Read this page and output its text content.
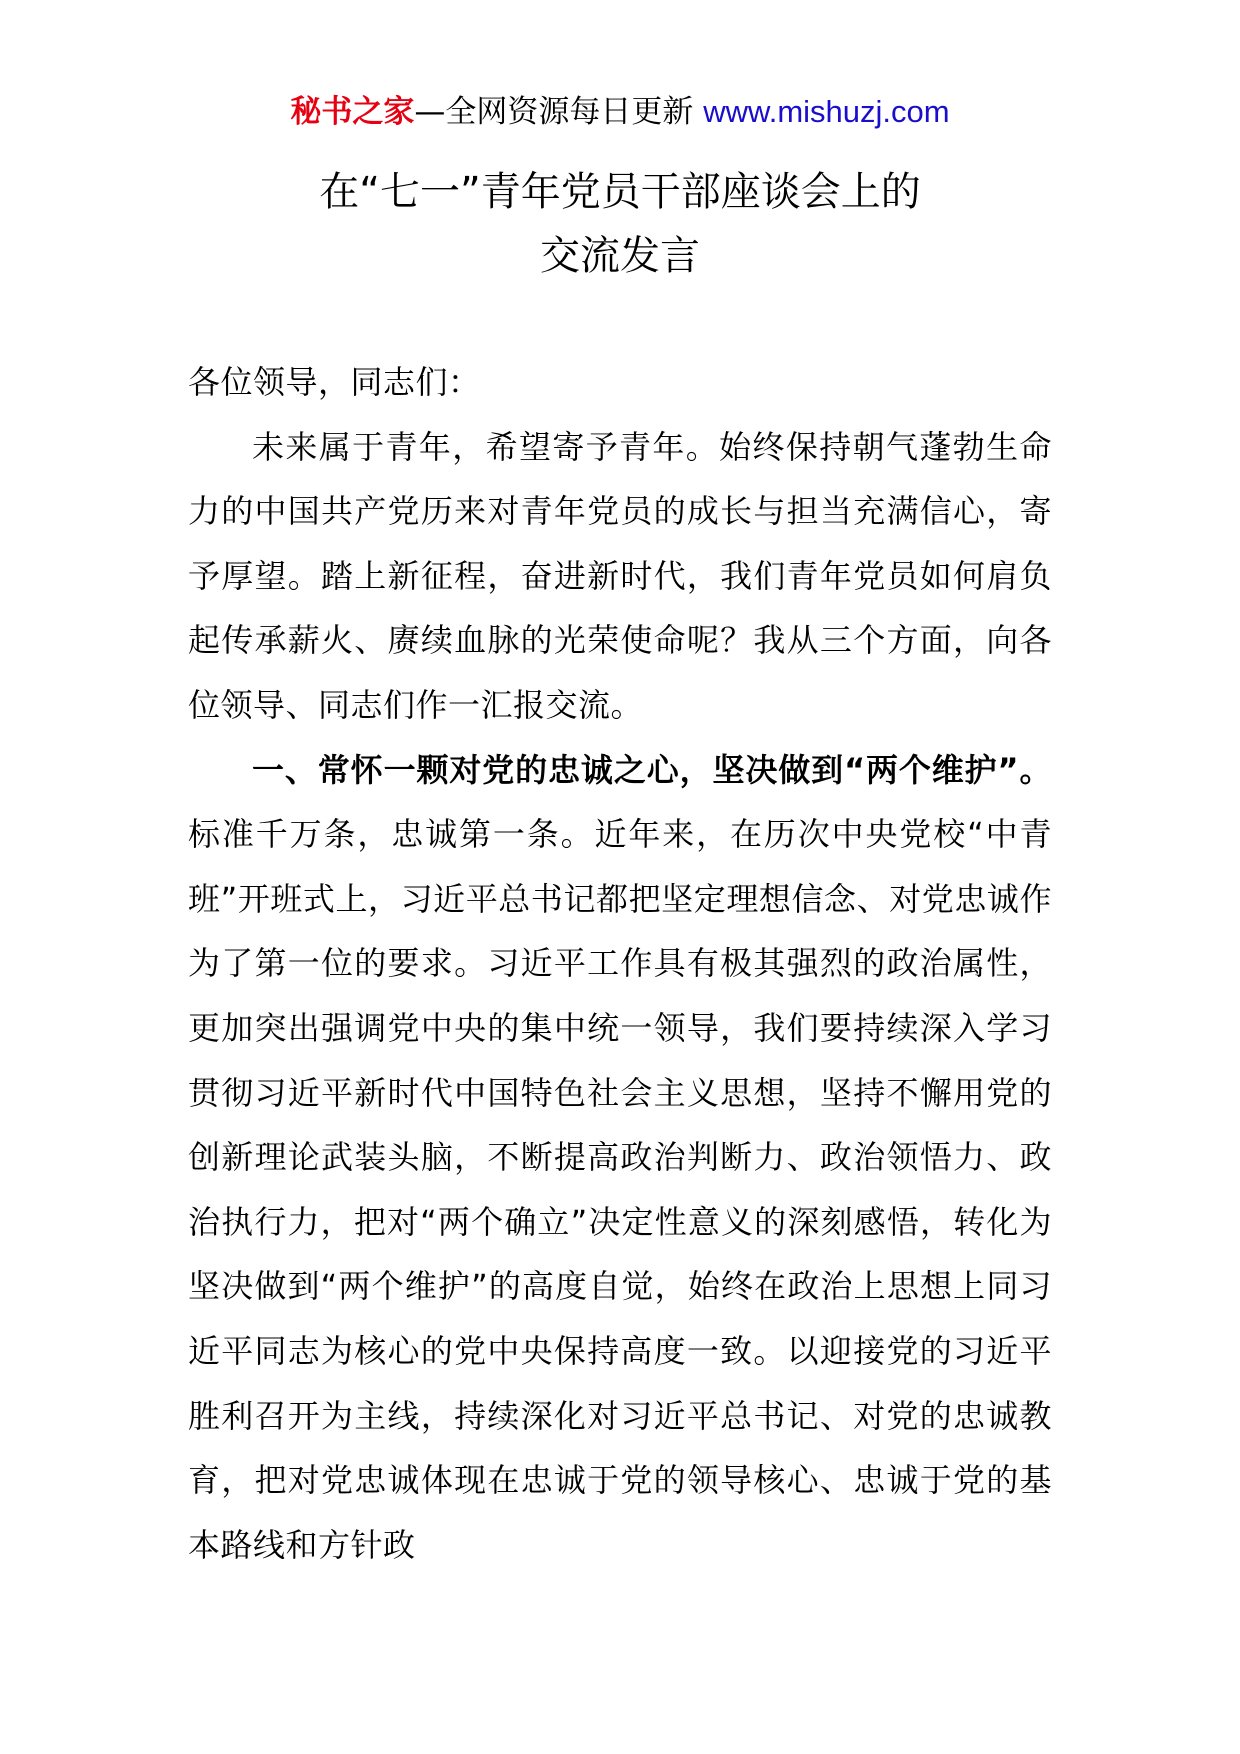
秘书之家—全网资源每日更新 www.mishuzj.com
在“七一”青年党员干部座谈会上的
交流发言

各位领导，同志们：

未来属于青年，希望寄予青年。始终保持朝气蓬勃生命力的中国共产党历来对青年党员的成长与担当充满信心，寄予厚望。踏上新征程，奋进新时代，我们青年党员如何肩负起传承薪火、赓续血脉的光荣使命呢？我从三个方面，向各位领导、同志们作一汇报交流。

一、常怀一颗对党的忠诚之心，坚决做到“两个维护”。标准千万条，忠诚第一条。近年来，在历次中央党校“中青班”开班式上，习近平总书记都把坚定理想信念、对党忠诚作为了第一位的要求。习近平工作具有极其强烈的政治属性，更加突出强调党中央的集中统一领导，我们要持续深入学习贯彻习近平新时代中国特色社会主义思想，坚持不懈用党的创新理论武装头脑，不断提高政治判断力、政治领悟力、政治执行力，把对“两个确立”决定性意义的深刻感悟，转化为坚决做到“两个维护”的高度自觉，始终在政治上思想上同习近平同志为核心的党中央保持高度一致。以迎接党的习近平胜利召开为主线，持续深化对习近平总书记、对党的忠诚教育，把对党忠诚体现在忠诚于党的领导核心、忠诚于党的基本路线和方针政
